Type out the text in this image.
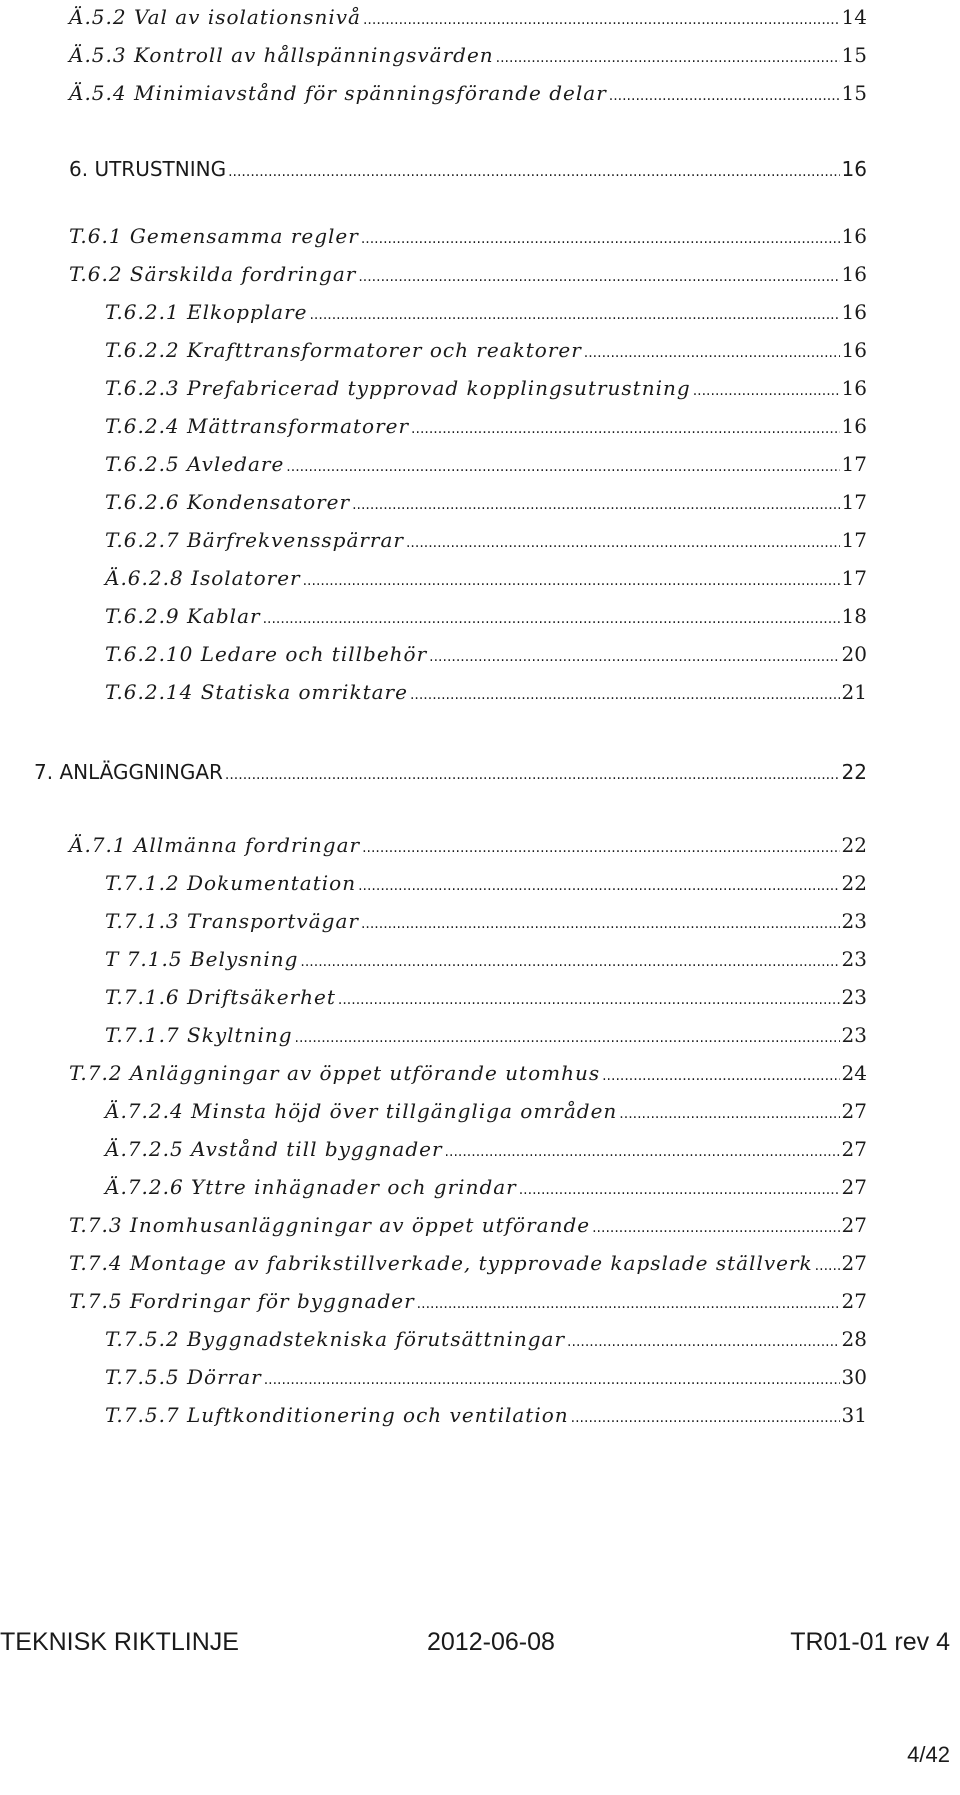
Ä.5.2 Val av isolationsnivå .....	14
Ä.5.3 Kontroll av hållspänningsvärden .....	15
Ä.5.4 Minimiavstånd för spänningsförande delar .....	15
6. UTRUSTNING .....	16
T.6.1 Gemensamma regler .....	16
T.6.2 Särskilda fordringar .....	16
T.6.2.1 Elkopplare .....	16
T.6.2.2 Krafttransformatorer och reaktorer .....	16
T.6.2.3 Prefabricerad typprovad kopplingsutrustning .....	16
T.6.2.4 Mättransformatorer .....	16
T.6.2.5 Avledare .....	17
T.6.2.6 Kondensatorer .....	17
T.6.2.7 Bärfrekvensspärrar .....	17
Ä.6.2.8 Isolatorer .....	17
T.6.2.9 Kablar .....	18
T.6.2.10 Ledare och tillbehör .....	20
T.6.2.14 Statiska omriktare .....	21
7. ANLÄGGNINGAR .....	22
Ä.7.1 Allmänna fordringar .....	22
T.7.1.2 Dokumentation .....	22
T.7.1.3 Transportvägar .....	23
T 7.1.5 Belysning .....	23
T.7.1.6 Driftsäkerhet .....	23
T.7.1.7 Skyltning .....	23
T.7.2 Anläggningar av öppet utförande utomhus .....	24
Ä.7.2.4 Minsta höjd över tillgängliga områden .....	27
Ä.7.2.5 Avstånd till byggnader .....	27
Ä.7.2.6 Yttre inhägnader och grindar .....	27
T.7.3 Inomhusanläggningar av öppet utförande .....	27
T.7.4 Montage av fabrikstillverkade, typprovade kapslade ställverk ..... 27
T.7.5 Fordringar för byggnader .....	27
T.7.5.2 Byggnadstekniska förutsättningar .....	28
T.7.5.5 Dörrar .....	30
T.7.5.7 Luftkonditionering och ventilation .....	31
TEKNISK RIKTLINJE	2012-06-08	TR01-01 rev 4
4/42
